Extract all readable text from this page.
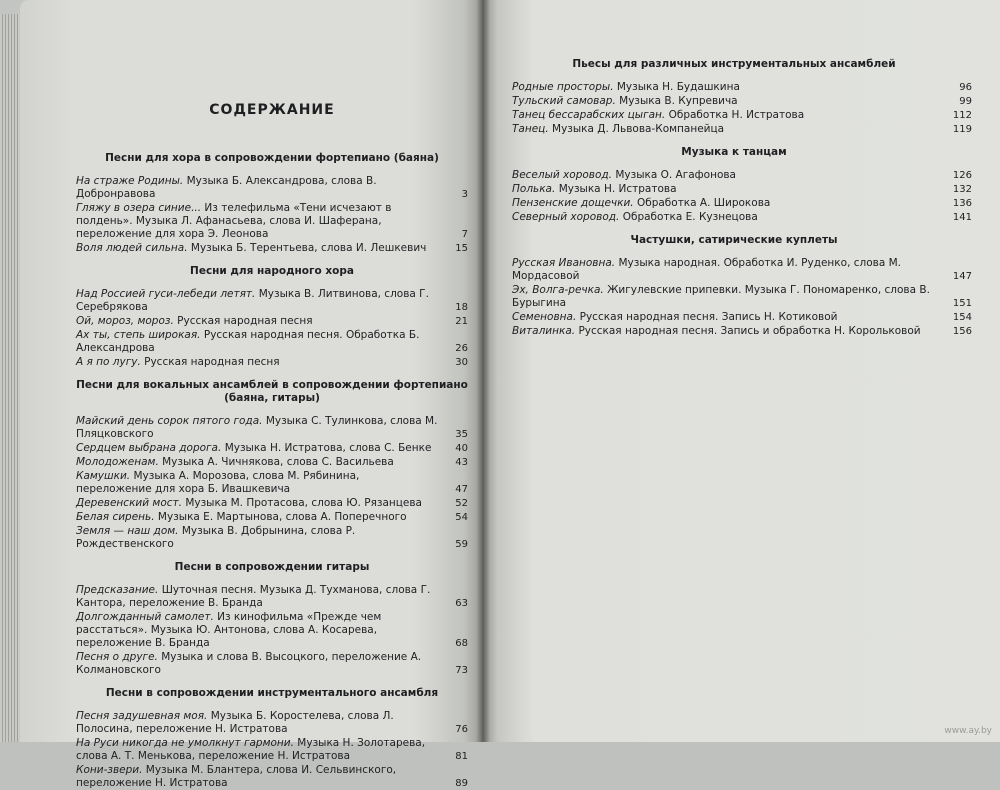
СОДЕРЖАНИЕ
Песни для хора в сопровождении фортепиано (баяна)
На страже Родины. Музыка Б. Александрова, слова В. Добронравова	3
Гляжу в озера синие... Из телефильма «Тени исчезают в полдень». Музыка Л. Афанасьева, слова И. Шаферана, переложение для хора Э. Леонова	7
Воля людей сильна. Музыка Б. Терентьева, слова И. Лешкевич	15
Песни для народного хора
Над Россией гуси-лебеди летят. Музыка В. Литвинова, слова Г. Серебрякова	18
Ой, мороз, мороз. Русская народная песня	21
Ах ты, степь широкая. Русская народная песня. Обработка Б. Александрова	26
А я по лугу. Русская народная песня	30
Песни для вокальных ансамблей в сопровождении фортепиано (баяна, гитары)
Майский день сорок пятого года. Музыка С. Тулинкова, слова М. Пляцковского	35
Сердцем выбрана дорога. Музыка Н. Истратова, слова С. Бенке	40
Молодоженам. Музыка А. Чичнякова, слова С. Васильева	43
Камушки. Музыка А. Морозова, слова М. Рябинина, переложение для хора Б. Ивашкевича	47
Деревенский мост. Музыка М. Протасова, слова Ю. Рязанцева	52
Белая сирень. Музыка Е. Мартынова, слова А. Поперечного	54
Земля — наш дом. Музыка В. Добрынина, слова Р. Рождественского	59
Песни в сопровождении гитары
Предсказание. Шуточная песня. Музыка Д. Тухманова, слова Г. Кантора, переложение В. Бранда	63
Долгожданный самолет. Из кинофильма «Прежде чем расстаться». Музыка Ю. Антонова, слова А. Косарева, переложение В. Бранда	68
Песня о друге. Музыка и слова В. Высоцкого, переложение А. Колмановского	73
Песни в сопровождении инструментального ансамбля
Песня задушевная моя. Музыка Б. Коростелева, слова Л. Полосина, переложение Н. Истратова	76
На Руси никогда не умолкнут гармони. Музыка Н. Золотарева, слова А. Т. Менькова, переложение Н. Истратова	81
Кони-звери. Музыка М. Блантера, слова И. Сельвинского, переложение Н. Истратова	89
Пьесы для различных инструментальных ансамблей
Родные просторы. Музыка Н. Будашкина	96
Тульский самовар. Музыка В. Купревича	99
Танец бессарабских цыган. Обработка Н. Истратова	112
Танец. Музыка Д. Львова-Компанейца	119
Музыка к танцам
Веселый хоровод. Музыка О. Агафонова	126
Полька. Музыка Н. Истратова	132
Пензенские дощечки. Обработка А. Широкова	136
Северный хоровод. Обработка Е. Кузнецова	141
Частушки, сатирические куплеты
Русская Ивановна. Музыка народная. Обработка И. Руденко, слова М. Мордасовой	147
Эх, Волга-речка. Жигулевские припевки. Музыка Г. Пономаренко, слова В. Бурыгина	151
Семеновна. Русская народная песня. Запись Н. Котиковой	154
Виталинка. Русская народная песня. Запись и обработка Н. Корольковой	156
www.ay.by
